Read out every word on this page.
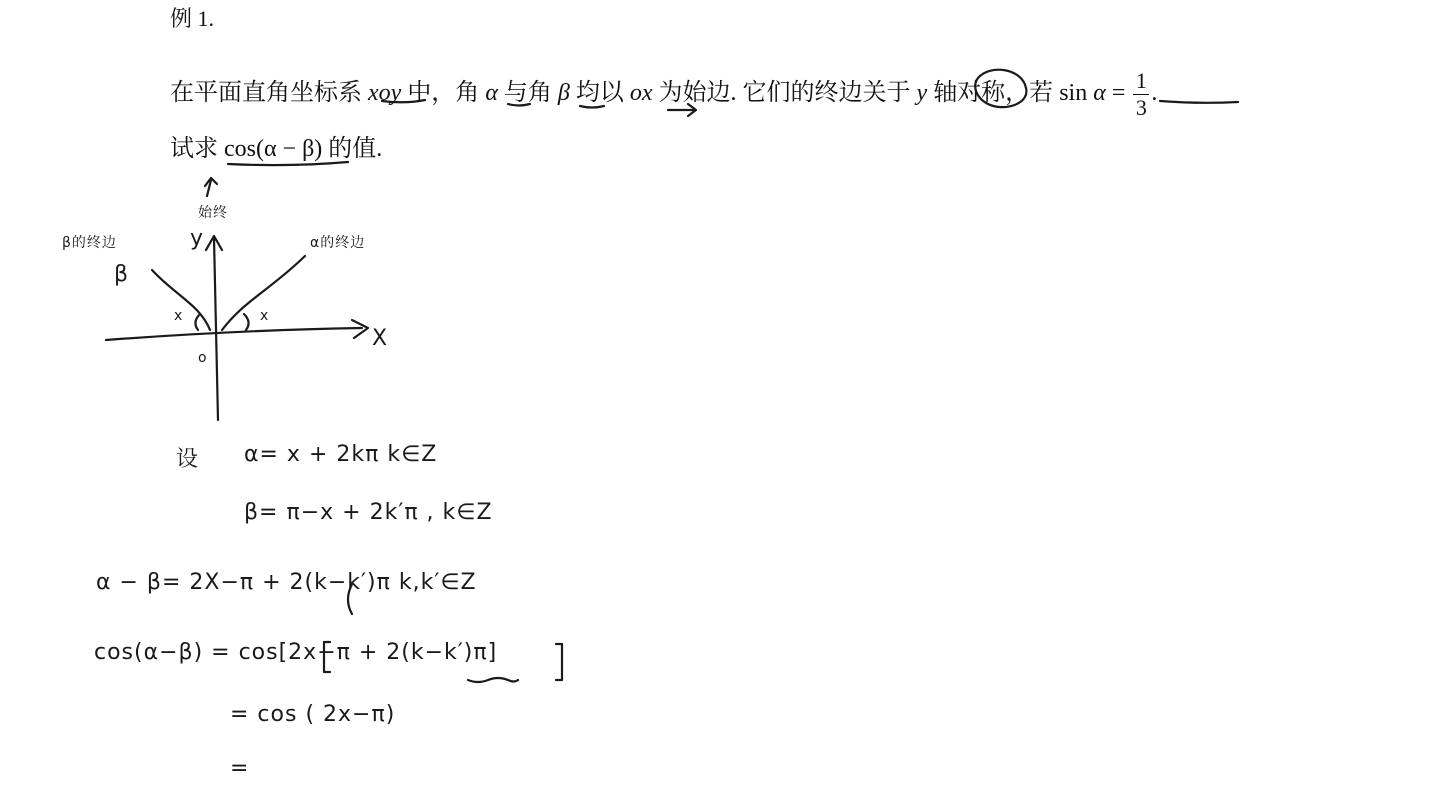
例 1.
在平面直角坐标系 xoy 中，角 α 与角 β 均以 ox 为始边. 它们的终边关于 y 轴对称，若 $\sin \alpha = \frac{1}{3}$ .
试求 cos(α − β) 的值.
β的终边
β
始终
y	α的终边
X
o
x	x
设 α= x + 2kπ k∈Z
β= π−x + 2k′π , k∈Z
α − β= 2X−π + 2(k−k′)π k,k′∈Z
cos(α−β) = cos[2x−π + 2(k−k′)π]
= cos ( 2x−π)
=
